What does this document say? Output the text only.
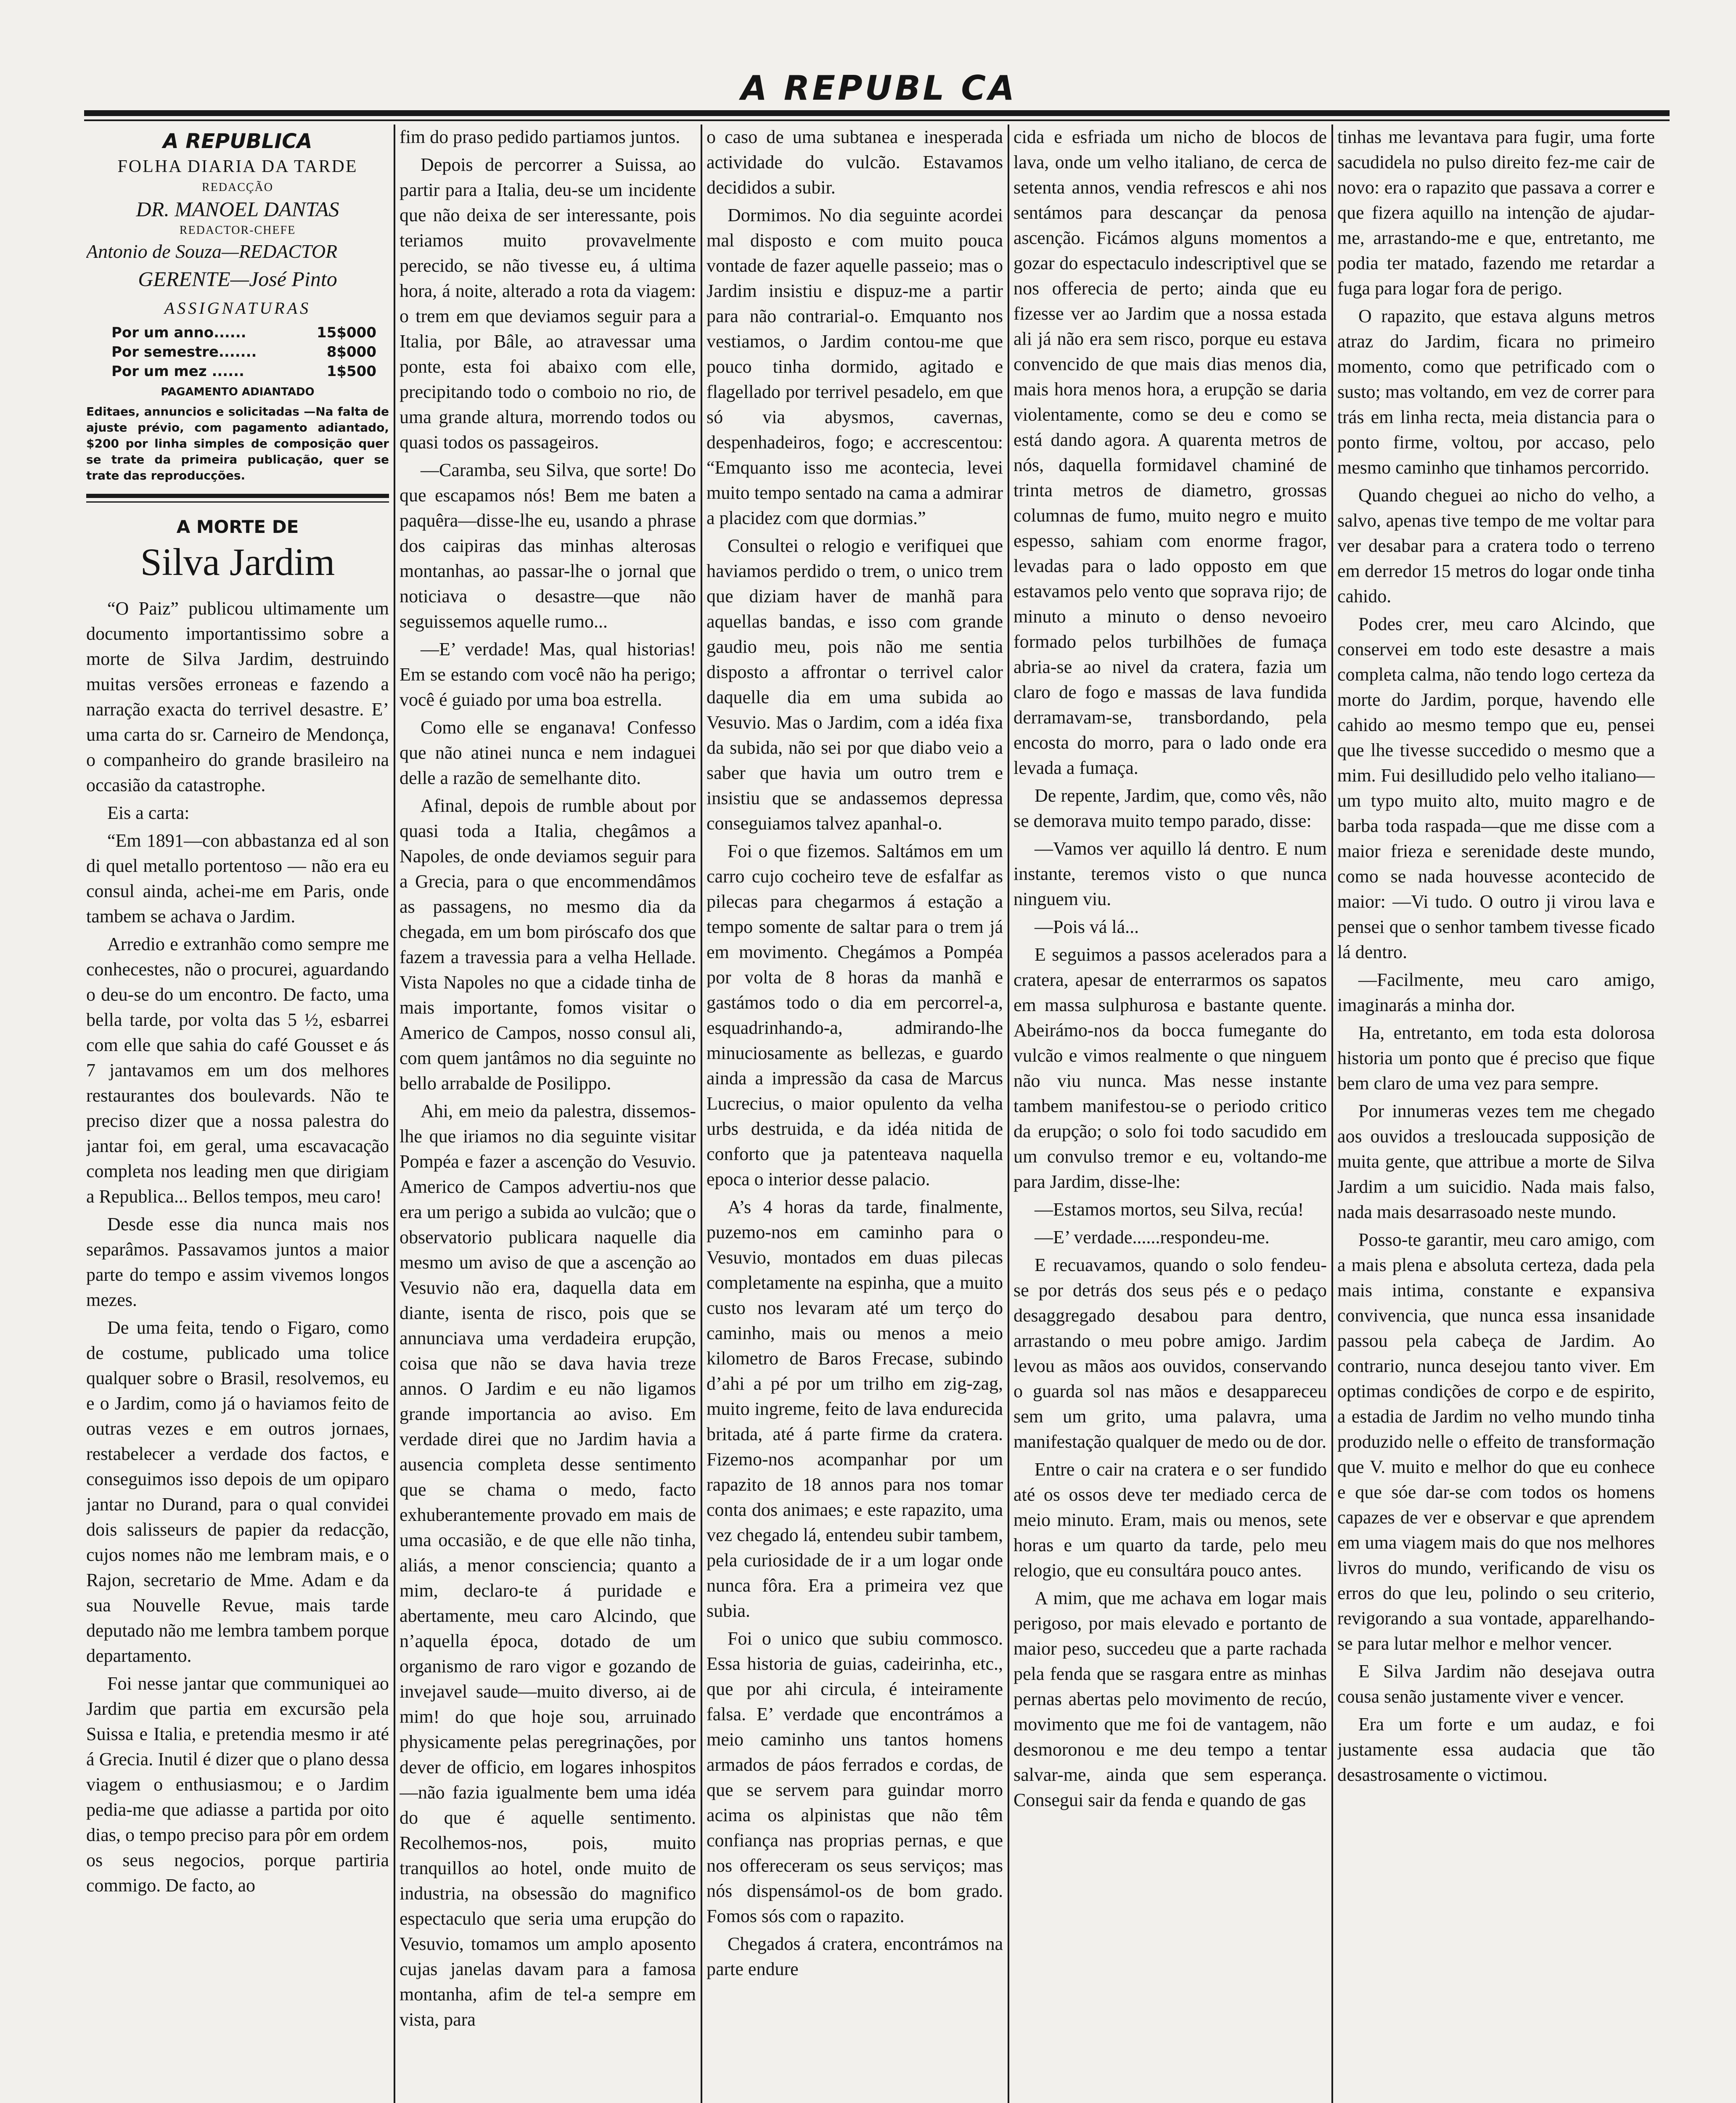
A REPUBL CA
A REPUBLICA
FOLHA DIARIA DA TARDE
REDACÇÃO
DR. MANOEL DANTAS
REDACTOR-CHEFE
Antonio de Souza—REDACTOR
GERENTE—José Pinto
ASSIGNATURAS
Por um anno......	15$000
Por semestre.......	8$000
Por um mez ......	1$500
PAGAMENTO ADIANTADO
Editaes, annuncios e solicitadas —Na falta de ajuste prévio, com pagamento adiantado, $200 por linha simples de composição quer se trate da primeira publicação, quer se trate das reproducções.
A MORTE DE
Silva Jardim

“O Paiz” publicou ultimamente um documento importantissimo sobre a morte de Silva Jardim, destruindo muitas versões erroneas e fazendo a narração exacta do terrivel desastre. E’ uma carta do sr. Carneiro de Mendonça, o companheiro do grande brasileiro na occasião da catastrophe.

Eis a carta:

“Em 1891—con abbastanza ed al son di quel metallo portentoso — não era eu consul ainda, achei-me em Paris, onde tambem se achava o Jardim.

Arredio e extranhão como sempre me conhecestes, não o procurei, aguardando o deu-se do um encontro. De facto, uma bella tarde, por volta das 5 ½, esbarrei com elle que sahia do café Gousset e ás 7 jantavamos em um dos melhores restaurantes dos boulevards. Não te preciso dizer que a nossa palestra do jantar foi, em geral, uma escavacação completa nos leading men que dirigiam a Republica... Bellos tempos, meu caro!

Desde esse dia nunca mais nos separâmos. Passavamos juntos a maior parte do tempo e assim vivemos longos mezes.

De uma feita, tendo o Figaro, como de costume, publicado uma tolice qualquer sobre o Brasil, resolvemos, eu e o Jardim, como já o haviamos feito de outras vezes e em outros jornaes, restabelecer a verdade dos factos, e conseguimos isso depois de um opiparo jantar no Durand, para o qual convidei dois salisseurs de papier da redacção, cujos nomes não me lembram mais, e o Rajon, secretario de Mme. Adam e da sua Nouvelle Revue, mais tarde deputado não me lembra tambem porque departamento.

Foi nesse jantar que communiquei ao Jardim que partia em excursão pela Suissa e Italia, e pretendia mesmo ir até á Grecia. Inutil é dizer que o plano dessa viagem o enthusiasmou; e o Jardim pedia-me que adiasse a partida por oito dias, o tempo preciso para pôr em ordem os seus negocios, porque partiria commigo. De facto, ao

fim do praso pedido partiamos juntos.

Depois de percorrer a Suissa, ao partir para a Italia, deu-se um incidente que não deixa de ser interessante, pois teriamos muito provavelmente perecido, se não tivesse eu, á ultima hora, á noite, alterado a rota da viagem: o trem em que deviamos seguir para a Italia, por Bâle, ao atravessar uma ponte, esta foi abaixo com elle, precipitando todo o comboio no rio, de uma grande altura, morrendo todos ou quasi todos os passageiros.

—Caramba, seu Silva, que sorte! Do que escapamos nós! Bem me baten a paquêra—disse-lhe eu, usando a phrase dos caipiras das minhas alterosas montanhas, ao passar-lhe o jornal que noticiava o desastre—que não seguissemos aquelle rumo...

—E’ verdade! Mas, qual historias! Em se estando com você não ha perigo; você é guiado por uma boa estrella.

Como elle se enganava! Confesso que não atinei nunca e nem indaguei delle a razão de semelhante dito.

Afinal, depois de rumble about por quasi toda a Italia, chegâmos a Napoles, de onde deviamos seguir para a Grecia, para o que encommendâmos as passagens, no mesmo dia da chegada, em um bom piróscafo dos que fazem a travessia para a velha Hellade. Vista Napoles no que a cidade tinha de mais importante, fomos visitar o Americo de Campos, nosso consul ali, com quem jantâmos no dia seguinte no bello arrabalde de Posilippo.

Ahi, em meio da palestra, dissemos-lhe que iriamos no dia seguinte visitar Pompéa e fazer a ascenção do Vesuvio. Americo de Campos advertiu-nos que era um perigo a subida ao vulcão; que o observatorio publicara naquelle dia mesmo um aviso de que a ascenção ao Vesuvio não era, daquella data em diante, isenta de risco, pois que se annunciava uma verdadeira erupção, coisa que não se dava havia treze annos. O Jardim e eu não ligamos grande importancia ao aviso. Em verdade direi que no Jardim havia a ausencia completa desse sentimento que se chama o medo, facto exhuberantemente provado em mais de uma occasião, e de que elle não tinha, aliás, a menor consciencia; quanto a mim, declaro-te á puridade e abertamente, meu caro Alcindo, que n’aquella época, dotado de um organismo de raro vigor e gozando de invejavel saude—muito diverso, ai de mim! do que hoje sou, arruinado physicamente pelas peregrinações, por dever de officio, em logares inhospitos—não fazia igualmente bem uma idéa do que é aquelle sentimento. Recolhemos-nos, pois, muito tranquillos ao hotel, onde muito de industria, na obsessão do magnifico espectaculo que seria uma erupção do Vesuvio, tomamos um amplo aposento cujas janelas davam para a famosa montanha, afim de tel-a sempre em vista, para

o caso de uma subtanea e inesperada actividade do vulcão. Estavamos decididos a subir.

Dormimos. No dia seguinte acordei mal disposto e com muito pouca vontade de fazer aquelle passeio; mas o Jardim insistiu e dispuz-me a partir para não contrarial-o. Emquanto nos vestiamos, o Jardim contou-me que pouco tinha dormido, agitado e flagellado por terrivel pesadelo, em que só via abysmos, cavernas, despenhadeiros, fogo; e accrescentou: “Emquanto isso me acontecia, levei muito tempo sentado na cama a admirar a placidez com que dormias.”

Consultei o relogio e verifiquei que haviamos perdido o trem, o unico trem que diziam haver de manhã para aquellas bandas, e isso com grande gaudio meu, pois não me sentia disposto a affrontar o terrivel calor daquelle dia em uma subida ao Vesuvio. Mas o Jardim, com a idéa fixa da subida, não sei por que diabo veio a saber que havia um outro trem e insistiu que se andassemos depressa conseguiamos talvez apanhal-o.

Foi o que fizemos. Saltámos em um carro cujo cocheiro teve de esfalfar as pilecas para chegarmos á estação a tempo somente de saltar para o trem já em movimento. Chegámos a Pompéa por volta de 8 horas da manhã e gastámos todo o dia em percorrel-a, esquadrinhando-a, admirando-lhe minuciosamente as bellezas, e guardo ainda a impressão da casa de Marcus Lucrecius, o maior opulento da velha urbs destruida, e da idéa nitida de conforto que ja patenteava naquella epoca o interior desse palacio.

A’s 4 horas da tarde, finalmente, puzemo-nos em caminho para o Vesuvio, montados em duas pilecas completamente na espinha, que a muito custo nos levaram até um terço do caminho, mais ou menos a meio kilometro de Baros Frecase, subindo d’ahi a pé por um trilho em zig-zag, muito ingreme, feito de lava endurecida britada, até á parte firme da cratera. Fizemo-nos acompanhar por um rapazito de 18 annos para nos tomar conta dos animaes; e este rapazito, uma vez chegado lá, entendeu subir tambem, pela curiosidade de ir a um logar onde nunca fôra. Era a primeira vez que subia.

Foi o unico que subiu commosco. Essa historia de guias, cadeirinha, etc., que por ahi circula, é inteiramente falsa. E’ verdade que encontrámos a meio caminho uns tantos homens armados de páos ferrados e cordas, de que se servem para guindar morro acima os alpinistas que não têm confiança nas proprias pernas, e que nos offereceram os seus serviços; mas nós dispensámol-os de bom grado. Fomos sós com o rapazito.

Chegados á cratera, encontrámos na parte endure

cida e esfriada um nicho de blocos de lava, onde um velho italiano, de cerca de setenta annos, vendia refrescos e ahi nos sentámos para descançar da penosa ascenção. Ficámos alguns momentos a gozar do espectaculo indescriptivel que se nos offerecia de perto; ainda que eu fizesse ver ao Jardim que a nossa estada ali já não era sem risco, porque eu estava convencido de que mais dias menos dia, mais hora menos hora, a erupção se daria violentamente, como se deu e como se está dando agora. A quarenta metros de nós, daquella formidavel chaminé de trinta metros de diametro, grossas columnas de fumo, muito negro e muito espesso, sahiam com enorme fragor, levadas para o lado opposto em que estavamos pelo vento que soprava rijo; de minuto a minuto o denso nevoeiro formado pelos turbilhões de fumaça abria-se ao nivel da cratera, fazia um claro de fogo e massas de lava fundida derramavam-se, transbordando, pela encosta do morro, para o lado onde era levada a fumaça.

De repente, Jardim, que, como vês, não se demorava muito tempo parado, disse:

—Vamos ver aquillo lá dentro. E num instante, teremos visto o que nunca ninguem viu.

—Pois vá lá...

E seguimos a passos acelerados para a cratera, apesar de enterrarmos os sapatos em massa sulphurosa e bastante quente. Abeirámo-nos da bocca fumegante do vulcão e vimos realmente o que ninguem não viu nunca. Mas nesse instante tambem manifestou-se o periodo critico da erupção; o solo foi todo sacudido em um convulso tremor e eu, voltando-me para Jardim, disse-lhe:

—Estamos mortos, seu Silva, recúa!

—E’ verdade......respondeu-me.

E recuavamos, quando o solo fendeu-se por detrás dos seus pés e o pedaço desaggregado desabou para dentro, arrastando o meu pobre amigo. Jardim levou as mãos aos ouvidos, conservando o guarda sol nas mãos e desappareceu sem um grito, uma palavra, uma manifestação qualquer de medo ou de dor.

Entre o cair na cratera e o ser fundido até os ossos deve ter mediado cerca de meio minuto. Eram, mais ou menos, sete horas e um quarto da tarde, pelo meu relogio, que eu consultára pouco antes.

A mim, que me achava em logar mais perigoso, por mais elevado e portanto de maior peso, succedeu que a parte rachada pela fenda que se rasgara entre as minhas pernas abertas pelo movimento de recúo, movimento que me foi de vantagem, não desmoronou e me deu tempo a tentar salvar-me, ainda que sem esperança. Consegui sair da fenda e quando de gas

tinhas me levantava para fugir, uma forte sacudidela no pulso direito fez-me cair de novo: era o rapazito que passava a correr e que fizera aquillo na intenção de ajudar-me, arrastando-me e que, entretanto, me podia ter matado, fazendo me retardar a fuga para logar fora de perigo.

O rapazito, que estava alguns metros atraz do Jardim, ficara no primeiro momento, como que petrificado com o susto; mas voltando, em vez de correr para trás em linha recta, meia distancia para o ponto firme, voltou, por accaso, pelo mesmo caminho que tinhamos percorrido.

Quando cheguei ao nicho do velho, a salvo, apenas tive tempo de me voltar para ver desabar para a cratera todo o terreno em derredor 15 metros do logar onde tinha cahido.

Podes crer, meu caro Alcindo, que conservei em todo este desastre a mais completa calma, não tendo logo certeza da morte do Jardim, porque, havendo elle cahido ao mesmo tempo que eu, pensei que lhe tivesse succedido o mesmo que a mim. Fui desilludido pelo velho italiano—um typo muito alto, muito magro e de barba toda raspada—que me disse com a maior frieza e serenidade deste mundo, como se nada houvesse acontecido de maior: —Vi tudo. O outro ji virou lava e pensei que o senhor tambem tivesse ficado lá dentro.

—Facilmente, meu caro amigo, imaginarás a minha dor.

Ha, entretanto, em toda esta dolorosa historia um ponto que é preciso que fique bem claro de uma vez para sempre.

Por innumeras vezes tem me chegado aos ouvidos a tresloucada supposição de muita gente, que attribue a morte de Silva Jardim a um suicidio. Nada mais falso, nada mais desarrasoado neste mundo.

Posso-te garantir, meu caro amigo, com a mais plena e absoluta certeza, dada pela mais intima, constante e expansiva convivencia, que nunca essa insanidade passou pela cabeça de Jardim. Ao contrario, nunca desejou tanto viver. Em optimas condições de corpo e de espirito, a estadia de Jardim no velho mundo tinha produzido nelle o effeito de transformação que V. muito e melhor do que eu conhece e que sóe dar-se com todos os homens capazes de ver e observar e que aprendem em uma viagem mais do que nos melhores livros do mundo, verificando de visu os erros do que leu, polindo o seu criterio, revigorando a sua vontade, apparelhando-se para lutar melhor e melhor vencer.

E Silva Jardim não desejava outra cousa senão justamente viver e vencer.

Era um forte e um audaz, e foi justamente essa audacia que tão desastrosamente o victimou.
